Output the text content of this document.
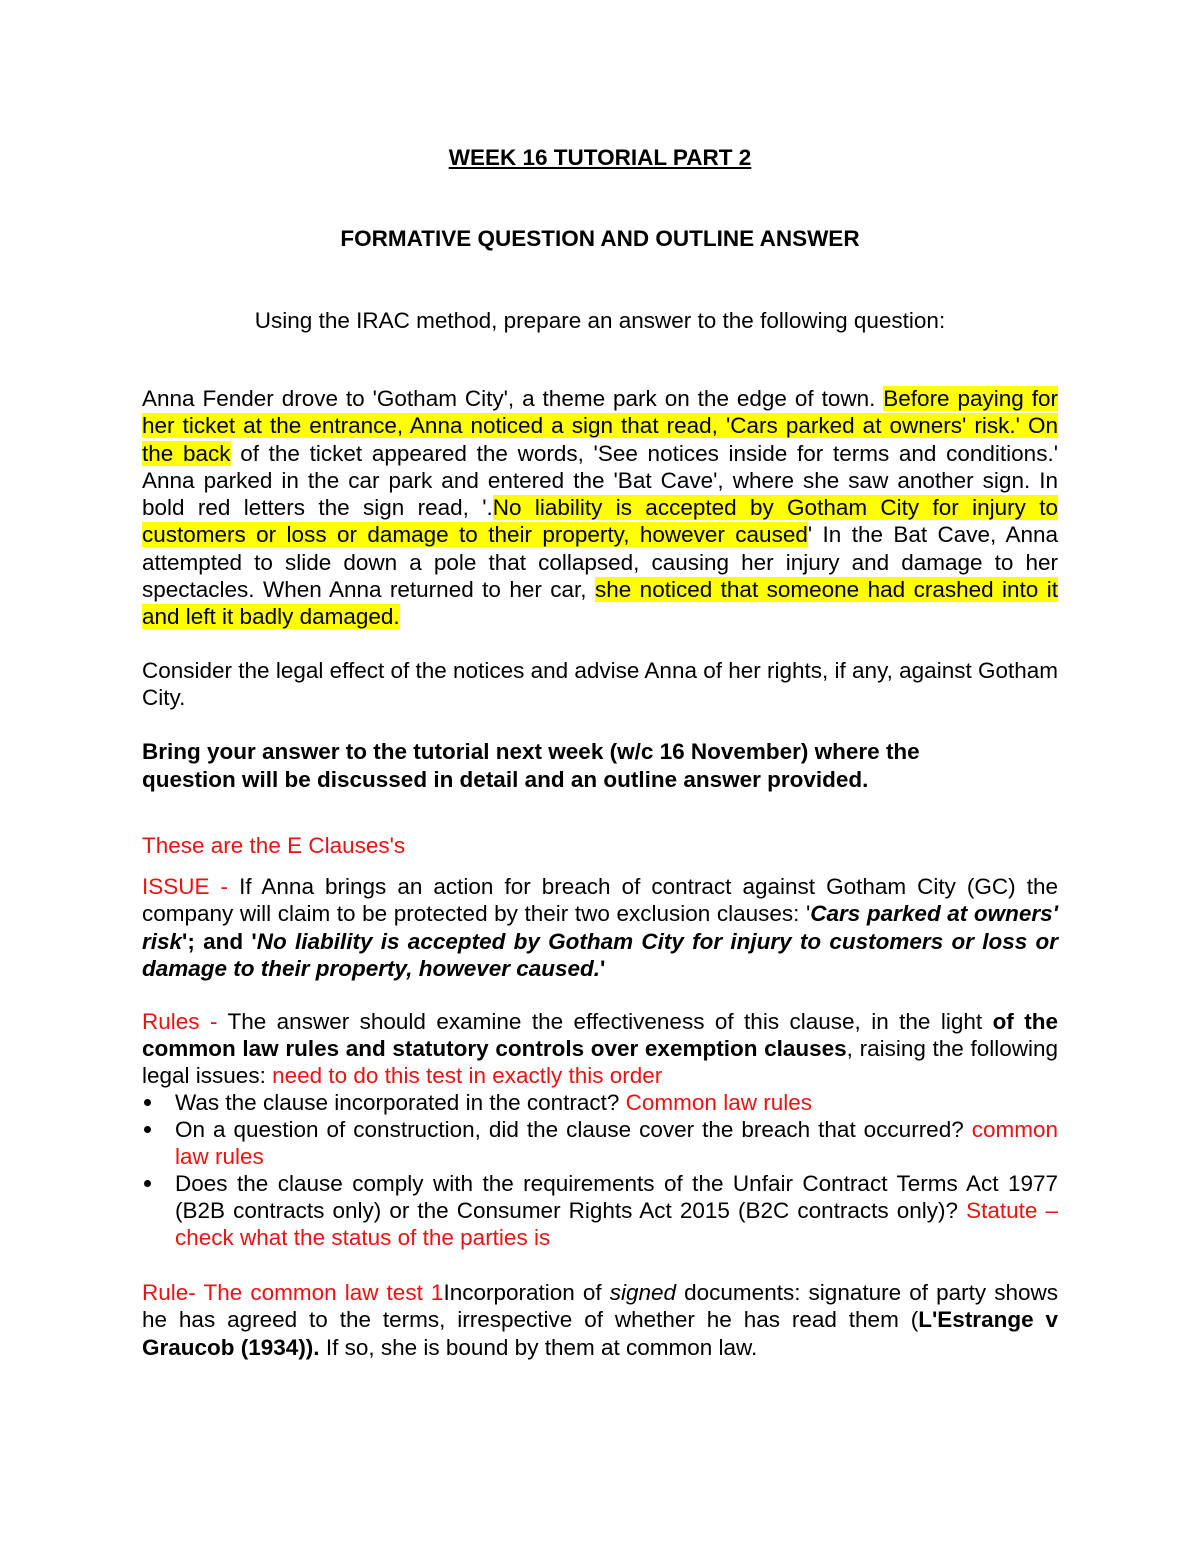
WEEK 16 TUTORIAL PART 2
FORMATIVE QUESTION AND OUTLINE ANSWER
Using the IRAC method, prepare an answer to the following question:
Anna Fender drove to 'Gotham City', a theme park on the edge of town. Before paying for her ticket at the entrance, Anna noticed a sign that read, 'Cars parked at owners' risk.' On the back of the ticket appeared the words, 'See notices inside for terms and conditions.' Anna parked in the car park and entered the 'Bat Cave', where she saw another sign. In bold red letters the sign read, '.No liability is accepted by Gotham City for injury to customers or loss or damage to their property, however caused' In the Bat Cave, Anna attempted to slide down a pole that collapsed, causing her injury and damage to her spectacles. When Anna returned to her car, she noticed that someone had crashed into it and left it badly damaged.
Consider the legal effect of the notices and advise Anna of her rights, if any, against Gotham City.
Bring your answer to the tutorial next week (w/c 16 November) where the question will be discussed in detail and an outline answer provided.
These are the E Clauses's
ISSUE - If Anna brings an action for breach of contract against Gotham City (GC) the company will claim to be protected by their two exclusion clauses: 'Cars parked at owners' risk'; and 'No liability is accepted by Gotham City for injury to customers or loss or damage to their property, however caused.'
Rules - The answer should examine the effectiveness of this clause, in the light of the common law rules and statutory controls over exemption clauses, raising the following legal issues: need to do this test in exactly this order
Was the clause incorporated in the contract? Common law rules
On a question of construction, did the clause cover the breach that occurred? common law rules
Does the clause comply with the requirements of the Unfair Contract Terms Act 1977 (B2B contracts only) or the Consumer Rights Act 2015 (B2C contracts only)? Statute – check what the status of the parties is
Rule- The common law test 1Incorporation of signed documents: signature of party shows he has agreed to the terms, irrespective of whether he has read them (L'Estrange v Graucob (1934)). If so, she is bound by them at common law.
